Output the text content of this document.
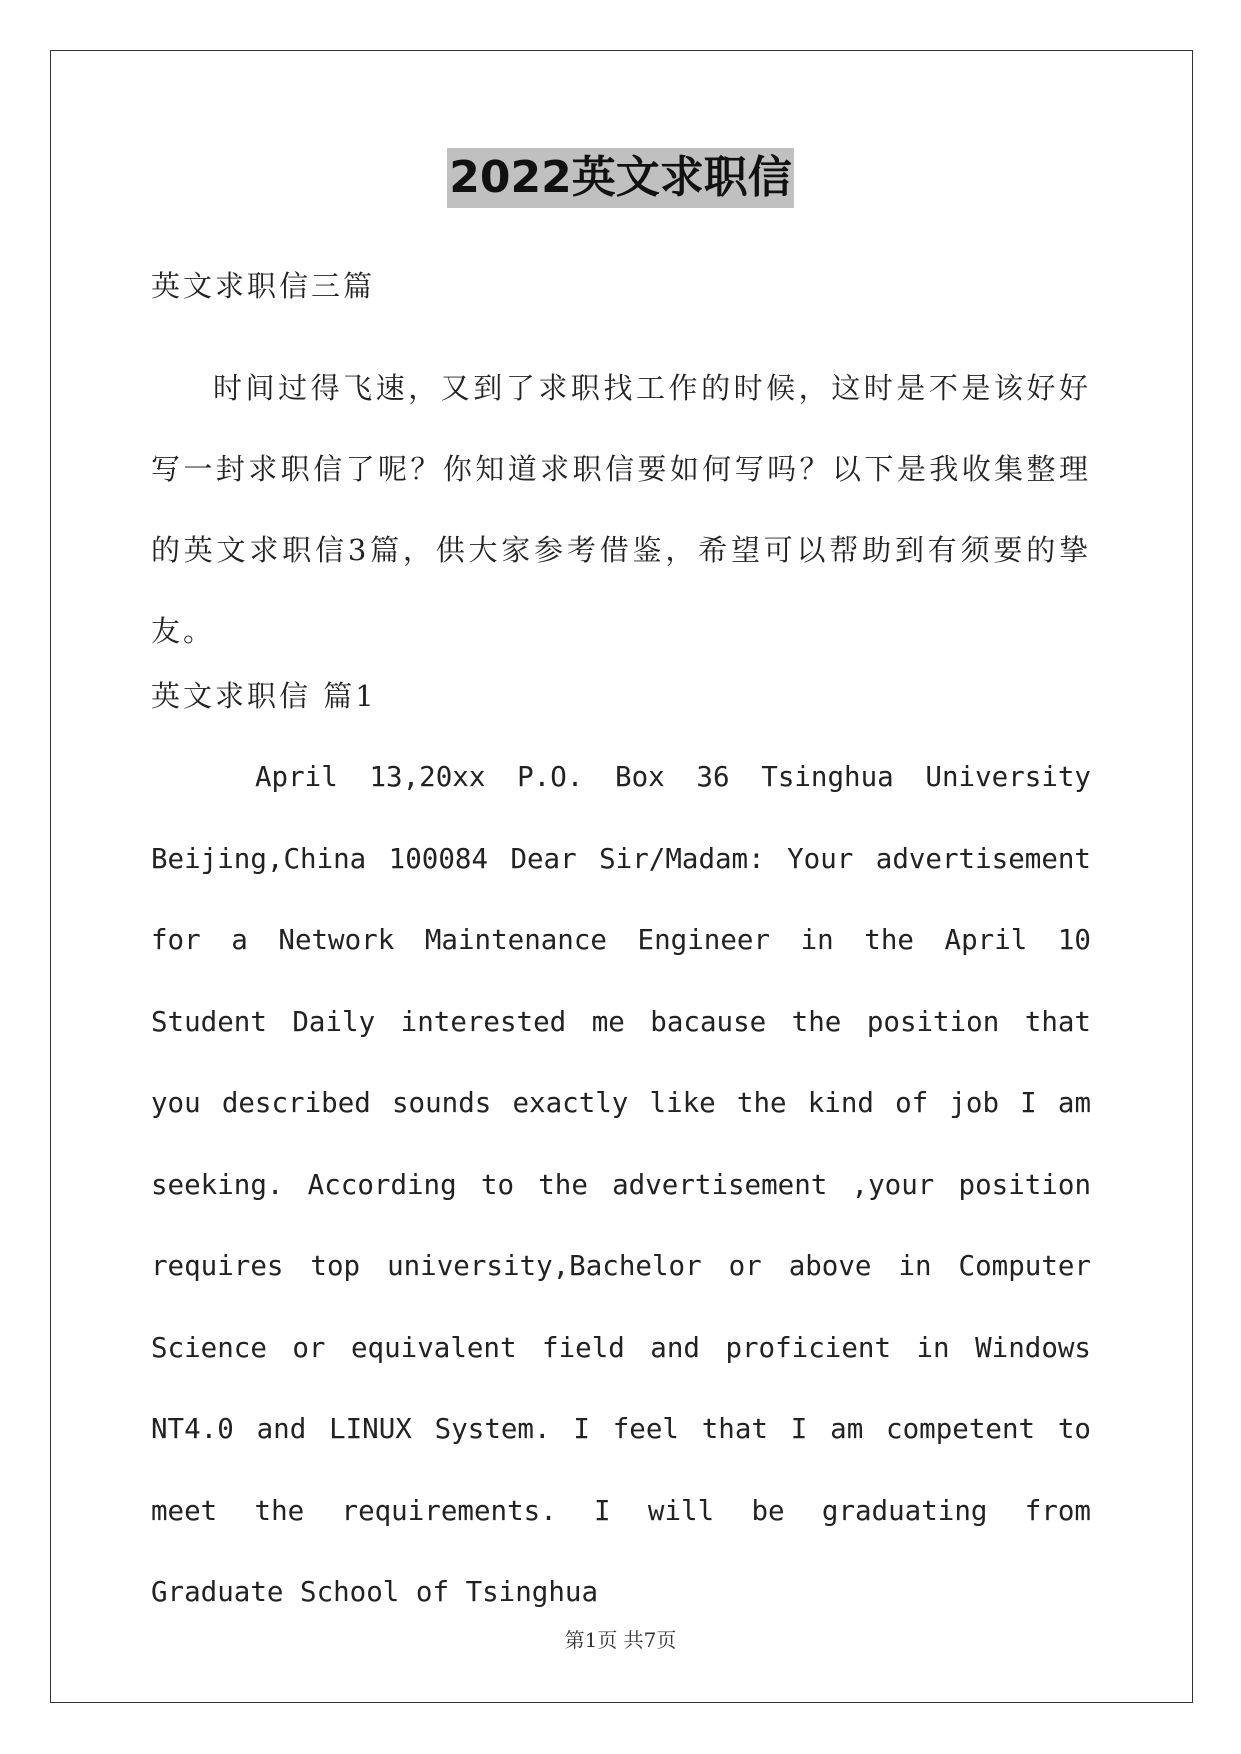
2022英文求职信

英文求职信三篇

时间过得飞速，又到了求职找工作的时候，这时是不是该好好写一封求职信了呢？你知道求职信要如何写吗？以下是我收集整理的英文求职信3篇，供大家参考借鉴，希望可以帮助到有须要的挚友。

英文求职信 篇1

April 13,20xx P.O. Box 36 Tsinghua University Beijing,China 100084 Dear Sir/Madam: Your advertisement for a Network Maintenance Engineer in the April 10 Student Daily interested me bacause the position that you described sounds exactly like the kind of job I am seeking. According to the advertisement ,your position requires top university,Bachelor or above in Computer Science or equivalent field and proficient in Windows NT4.0 and LINUX System. I feel that I am competent to meet the requirements. I will be graduating from Graduate School of Tsinghua

第1页 共7页
